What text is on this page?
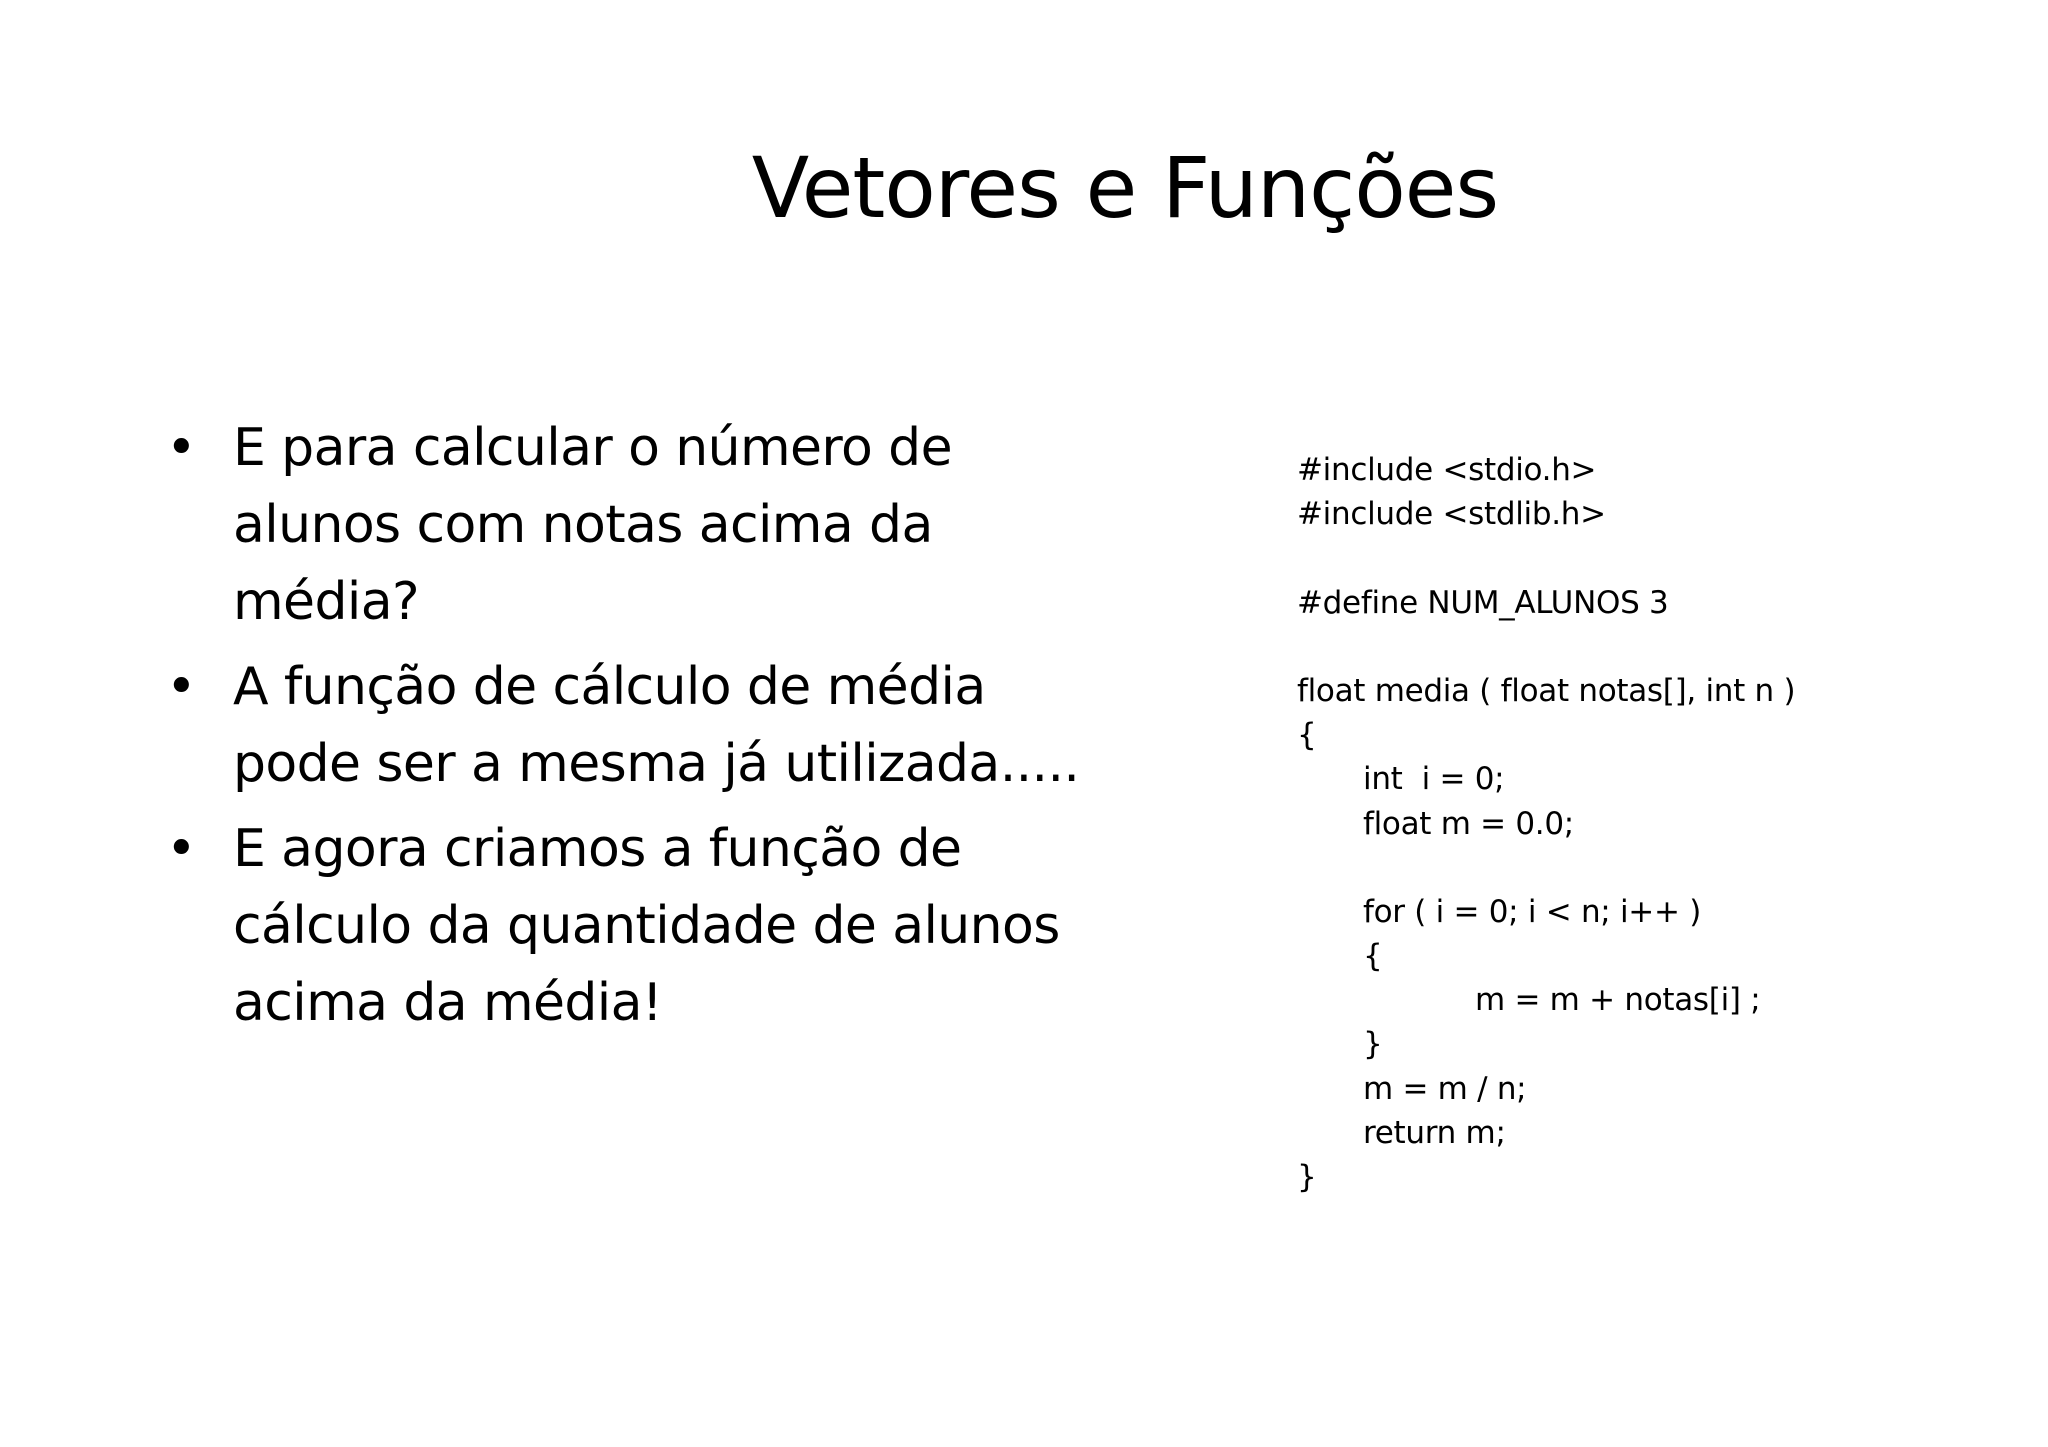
Vetores e Funções
• E para calcular o número de
alunos com notas acima da
média?
• A função de cálculo de média
pode ser a mesma já utilizada.....
• E agora criamos a função de
cálculo da quantidade de alunos
acima da média!
#include <stdio.h>
#include <stdlib.h>
#define NUM_ALUNOS 3
float media ( float notas[], int n )
{
int  i = 0;
float m = 0.0;
for ( i = 0; i < n; i++ )
{
m = m + notas[i] ;
}
m = m / n;
return m;
}
